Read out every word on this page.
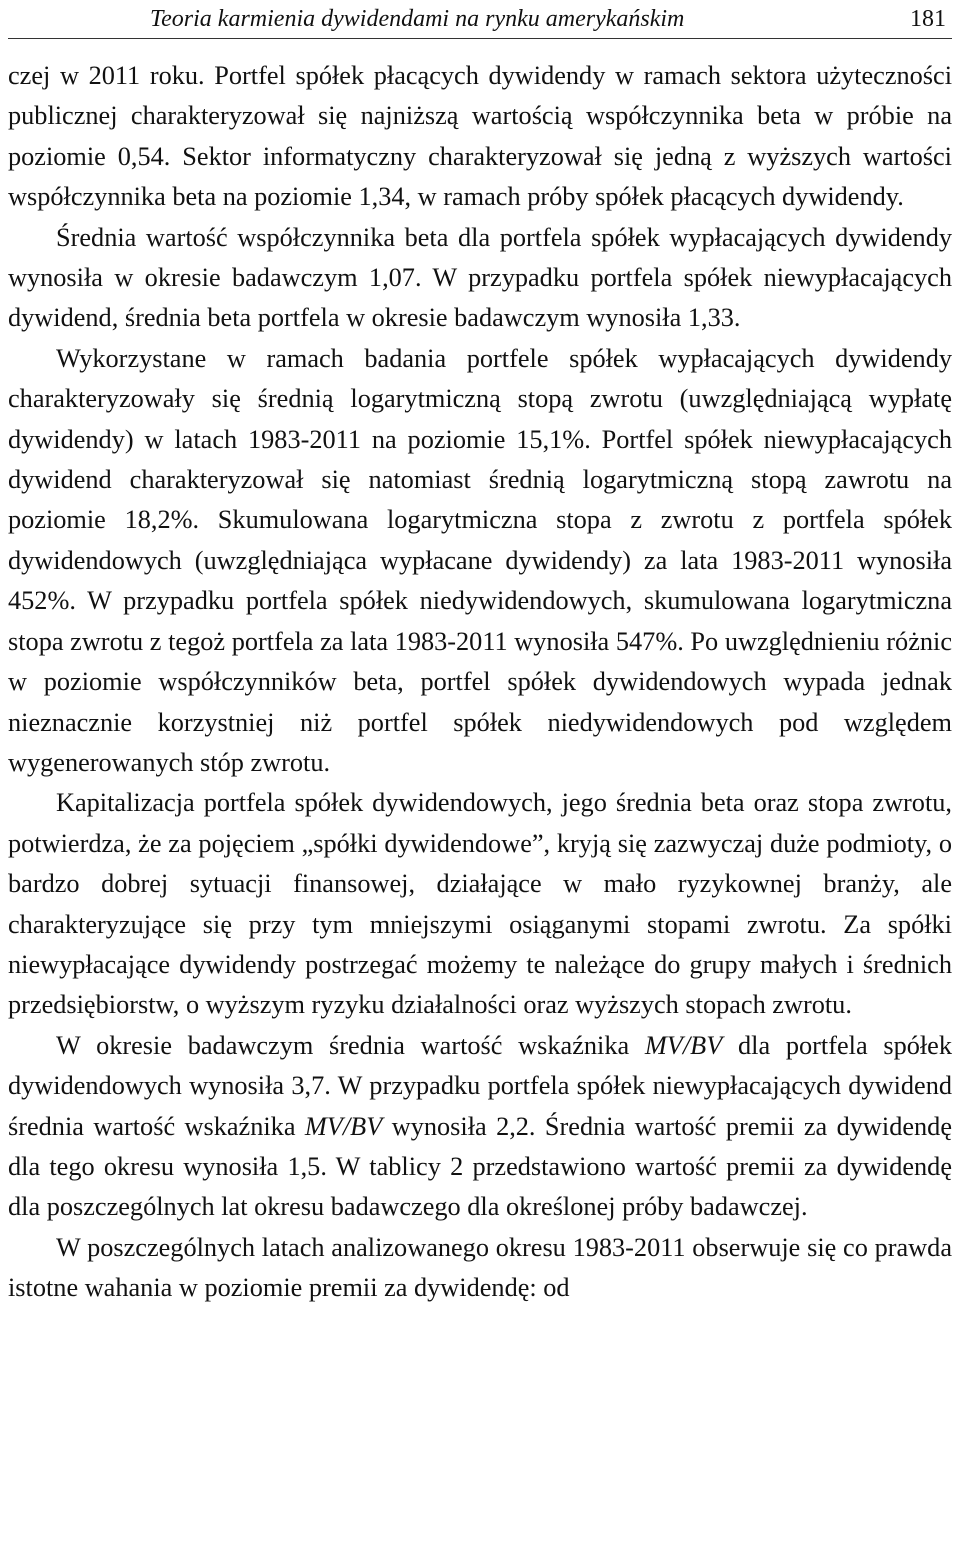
Teoria karmienia dywidendami na rynku amerykańskim	181

czej w 2011 roku. Portfel spółek płacących dywidendy w ramach sektora użyteczności publicznej charakteryzował się najniższą wartością współczynnika beta w próbie na poziomie 0,54. Sektor informatyczny charakteryzował się jedną z wyższych wartości współczynnika beta na poziomie 1,34, w ramach próby spółek płacących dywidendy.

Średnia wartość współczynnika beta dla portfela spółek wypłacających dywidendy wynosiła w okresie badawczym 1,07. W przypadku portfela spółek niewypłacających dywidend, średnia beta portfela w okresie badawczym wynosiła 1,33.

Wykorzystane w ramach badania portfele spółek wypłacających dywidendy charakteryzowały się średnią logarytmiczną stopą zwrotu (uwzględniającą wypłatę dywidendy) w latach 1983-2011 na poziomie 15,1%. Portfel spółek niewypłacających dywidend charakteryzował się natomiast średnią logarytmiczną stopą zawrotu na poziomie 18,2%. Skumulowana logarytmiczna stopa z zwrotu z portfela spółek dywidendowych (uwzględniająca wypłacane dywidendy) za lata 1983-2011 wynosiła 452%. W przypadku portfela spółek niedywidendowych, skumulowana logarytmiczna stopa zwrotu z tegoż portfela za lata 1983-2011 wynosiła 547%. Po uwzględnieniu różnic w poziomie współczynników beta, portfel spółek dywidendowych wypada jednak nieznacznie korzystniej niż portfel spółek niedywidendowych pod względem wygenerowanych stóp zwrotu.

Kapitalizacja portfela spółek dywidendowych, jego średnia beta oraz stopa zwrotu, potwierdza, że za pojęciem „spółki dywidendowe”, kryją się zazwyczaj duże podmioty, o bardzo dobrej sytuacji finansowej, działające w mało ryzykownej branży, ale charakteryzujące się przy tym mniejszymi osiąganymi stopami zwrotu. Za spółki niewypłacające dywidendy postrzegać możemy te należące do grupy małych i średnich przedsiębiorstw, o wyższym ryzyku działalności oraz wyższych stopach zwrotu.

W okresie badawczym średnia wartość wskaźnika MV/BV dla portfela spółek dywidendowych wynosiła 3,7. W przypadku portfela spółek niewypłacających dywidend średnia wartość wskaźnika MV/BV wynosiła 2,2. Średnia wartość premii za dywidendę dla tego okresu wynosiła 1,5. W tablicy 2 przedstawiono wartość premii za dywidendę dla poszczególnych lat okresu badawczego dla określonej próby badawczej.

W poszczególnych latach analizowanego okresu 1983-2011 obserwuje się co prawda istotne wahania w poziomie premii za dywidendę: od
